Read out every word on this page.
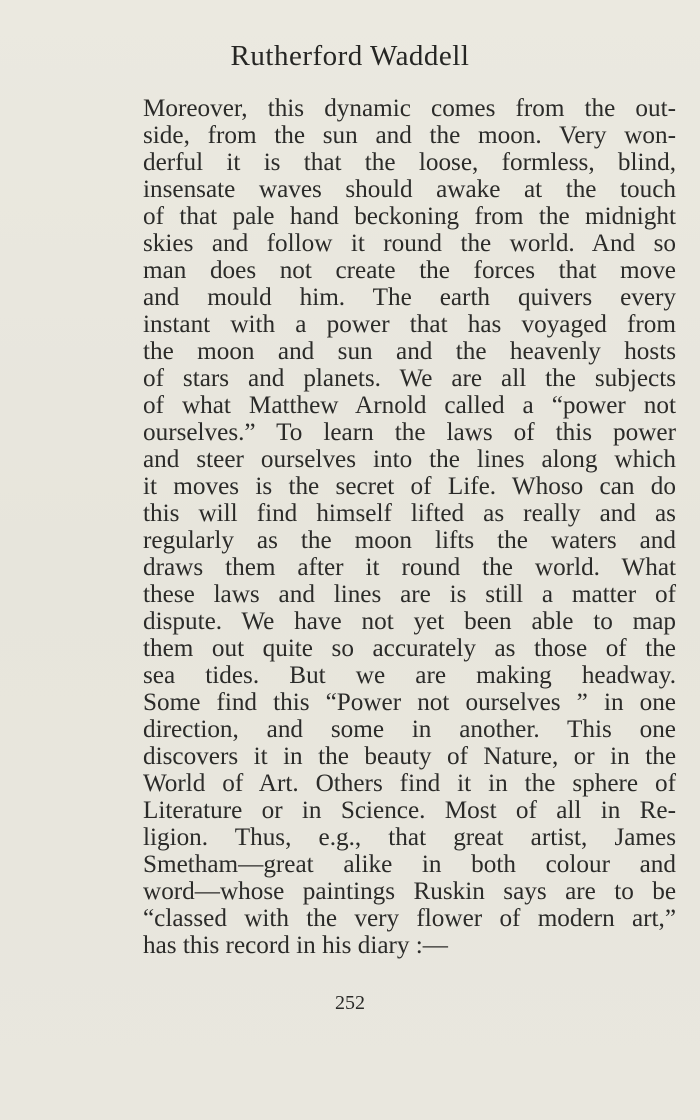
Rutherford Waddell
Moreover, this dynamic comes from the out-
side, from the sun and the moon. Very won-
derful it is that the loose, formless, blind,
insensate waves should awake at the touch
of that pale hand beckoning from the midnight
skies and follow it round the world. And so
man does not create the forces that move
and mould him. The earth quivers every
instant with a power that has voyaged from
the moon and sun and the heavenly hosts
of stars and planets. We are all the subjects
of what Matthew Arnold called a “power not
ourselves.” To learn the laws of this power
and steer ourselves into the lines along which
it moves is the secret of Life. Whoso can do
this will find himself lifted as really and as
regularly as the moon lifts the waters and
draws them after it round the world. What
these laws and lines are is still a matter of
dispute. We have not yet been able to map
them out quite so accurately as those of the
sea tides. But we are making headway.
Some find this “Power not ourselves ” in one
direction, and some in another. This one
discovers it in the beauty of Nature, or in the
World of Art. Others find it in the sphere of
Literature or in Science. Most of all in Re-
ligion. Thus, e.g., that great artist, James
Smetham—great alike in both colour and
word—whose paintings Ruskin says are to be
“classed with the very flower of modern art,”
has this record in his diary :—
252
